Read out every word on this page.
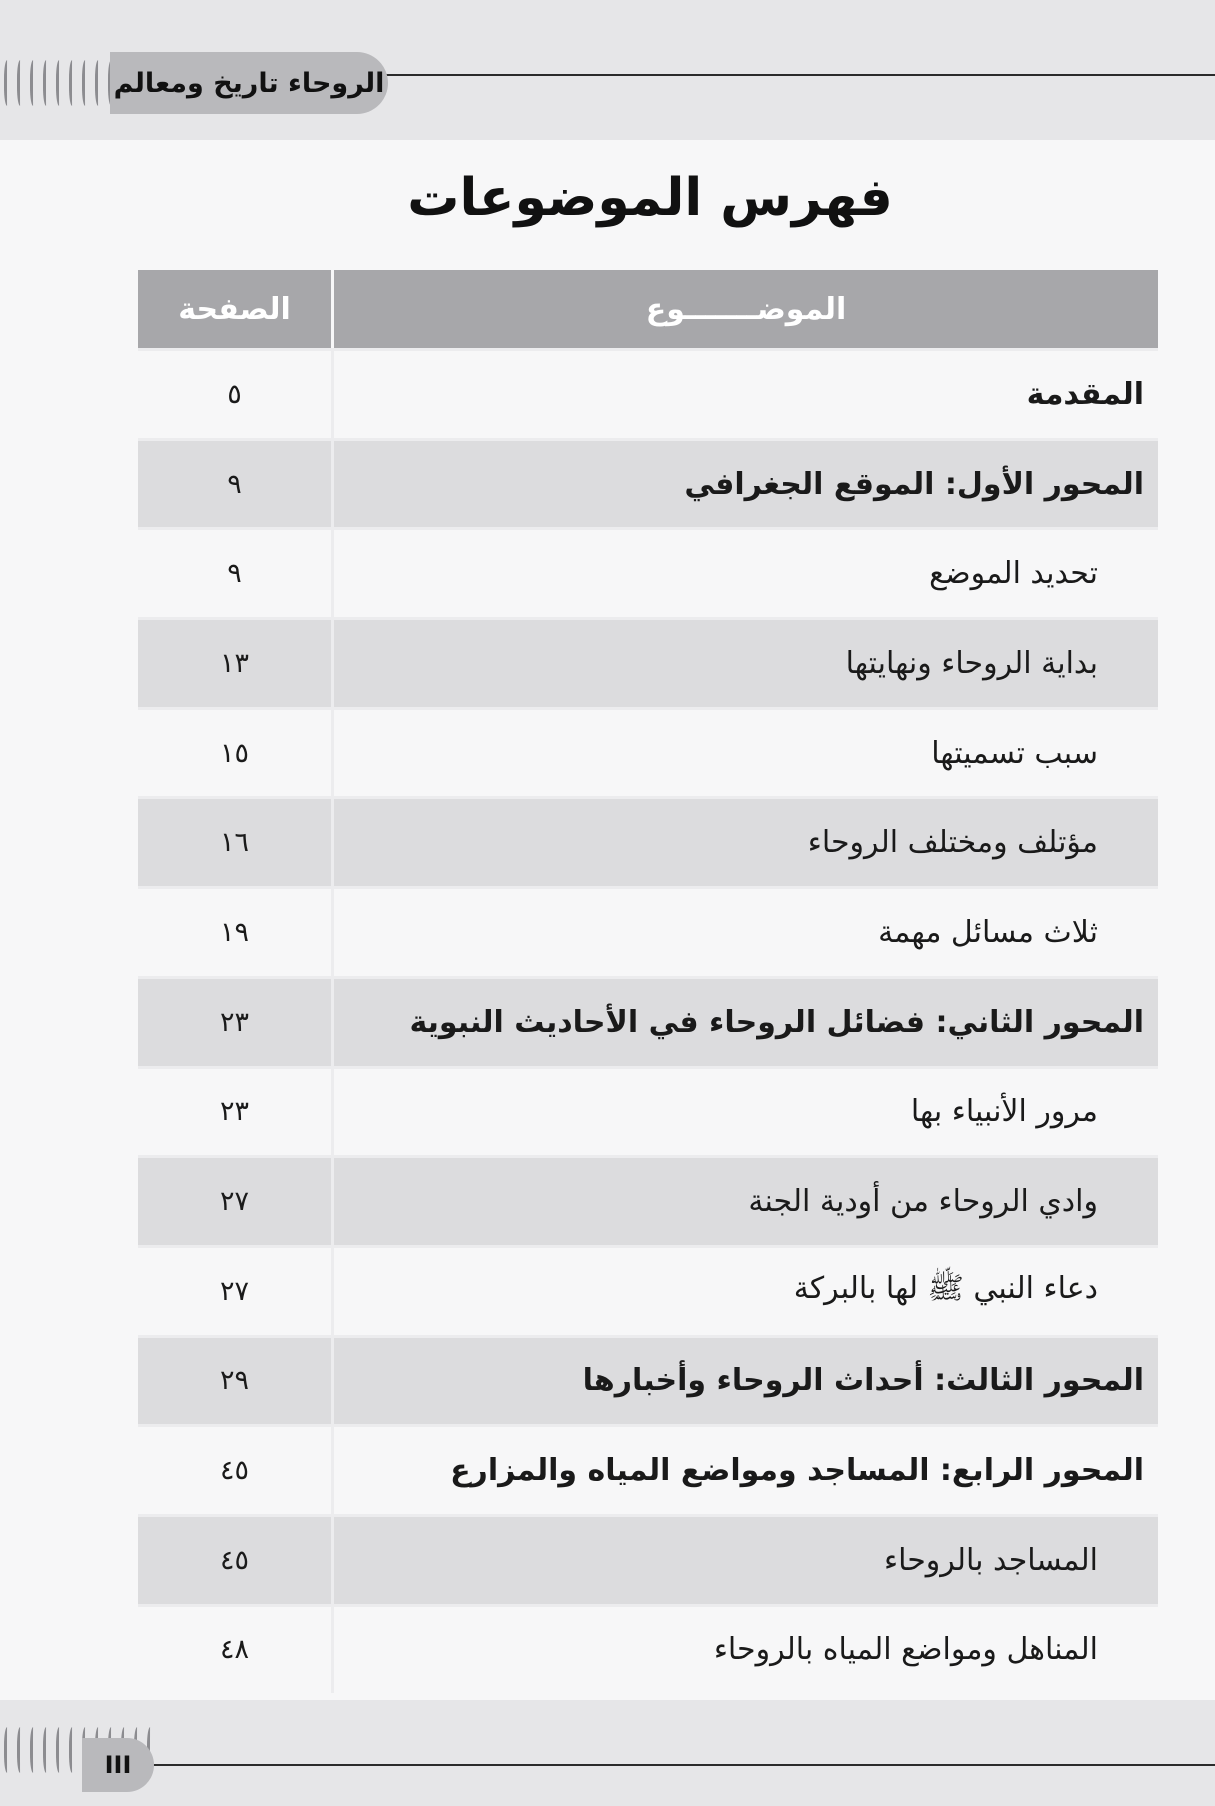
الروحاء تاريخ ومعالم
فهرس الموضوعات
الموضـــــــوع
الصفحة
المقدمة
٥
المحور الأول: الموقع الجغرافي
٩
تحديد الموضع
٩
بداية الروحاء ونهايتها
١٣
سبب تسميتها
١٥
مؤتلف ومختلف الروحاء
١٦
ثلاث مسائل مهمة
١٩
المحور الثاني: فضائل الروحاء في الأحاديث النبوية
٢٣
مرور الأنبياء بها
٢٣
وادي الروحاء من أودية الجنة
٢٧
دعاء النبي ﷺ لها بالبركة
٢٧
المحور الثالث: أحداث الروحاء وأخبارها
٢٩
المحور الرابع: المساجد ومواضع المياه والمزارع
٤٥
المساجد بالروحاء
٤٥
المناهل ومواضع المياه بالروحاء
٤٨
III
